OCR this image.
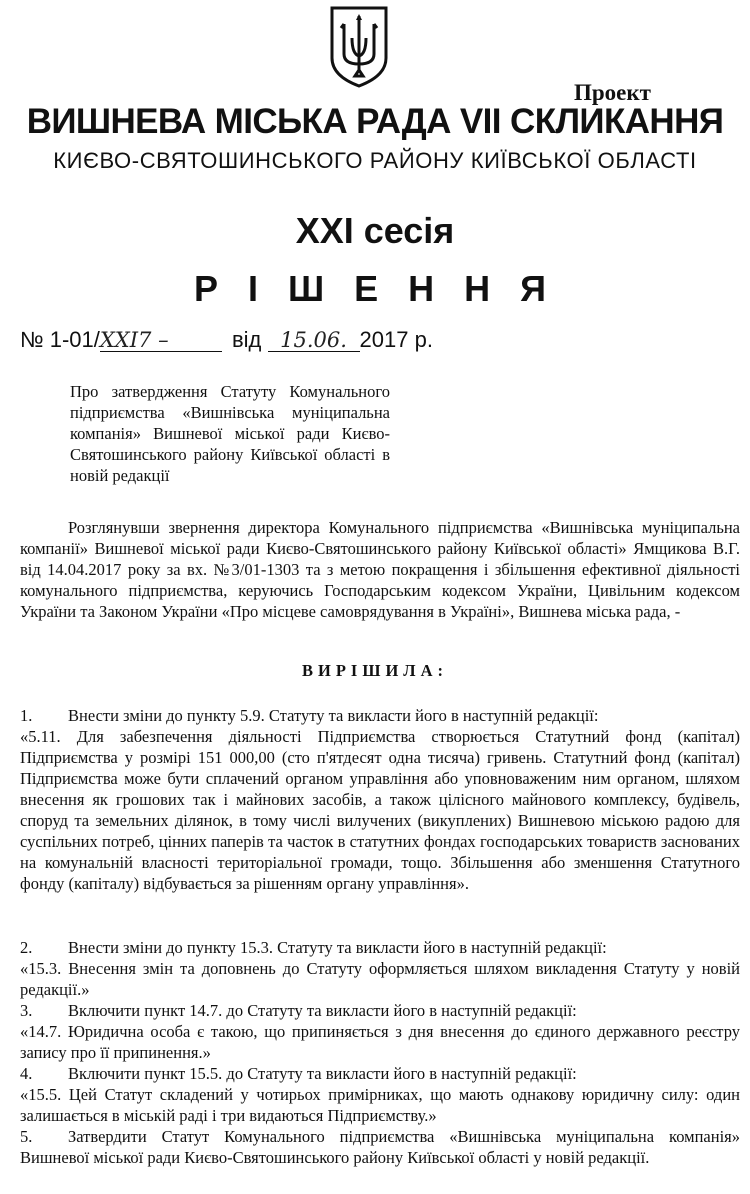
Проект
ВИШНЕВА МІСЬКА РАДА VII СКЛИКАННЯ
КИЄВО-СВЯТОШИНСЬКОГО РАЙОНУ КИЇВСЬКОЇ ОБЛАСТІ
XXI сесія
Р І Ш Е Н Н Я
№ 1-01/XXI7 –	від 15.06. 2017 р.
Про затвердження Статуту Комунального підприємства «Вишнівська муніципальна компанія» Вишневої міської ради Києво-Святошинського району Київської області в новій редакції
Розглянувши звернення директора Комунального підприємства «Вишнівська муніципальна компанії» Вишневої міської ради Києво-Святошинського району Київської області» Ямщикова В.Г. від 14.04.2017 року за вх. №3/01-1303 та з метою покращення і збільшення ефективної діяльності комунального підприємства, керуючись Господарським кодексом України, Цивільним кодексом України та Законом України «Про місцеве самоврядування в Україні», Вишнева міська рада, -
ВИРІШИЛА:
1. Внести зміни до пункту 5.9. Статуту та викласти його в наступній редакції:
«5.11. Для забезпечення діяльності Підприємства створюється Статутний фонд (капітал) Підприємства у розмірі 151 000,00 (сто п'ятдесят одна тисяча) гривень. Статутний фонд (капітал) Підприємства може бути сплачений органом управління або уповноваженим ним органом, шляхом внесення як грошових так і майнових засобів, а також цілісного майнового комплексу, будівель, споруд та земельних ділянок, в тому числі вилучених (викуплених) Вишневою міською радою для суспільних потреб, цінних паперів та часток в статутних фондах господарських товариств заснованих на комунальній власності територіальної громади, тощо. Збільшення або зменшення Статутного фонду (капіталу) відбувається за рішенням органу управління».
2. Внести зміни до пункту 15.3. Статуту та викласти його в наступній редакції:
«15.3. Внесення змін та доповнень до Статуту оформляється шляхом викладення Статуту у новій редакції.»
3. Включити пункт 14.7. до Статуту та викласти його в наступній редакції:
«14.7. Юридична особа є такою, що припиняється з дня внесення до єдиного державного реєстру запису про її припинення.»
4. Включити пункт 15.5. до Статуту та викласти його в наступній редакції:
«15.5. Цей Статут складений у чотирьох примірниках, що мають однакову юридичну силу: один залишається в міській раді і три видаються Підприємству.»
5. Затвердити Статут Комунального підприємства «Вишнівська муніципальна компанія» Вишневої міської ради Києво-Святошинського району Київської області у новій редакції.
